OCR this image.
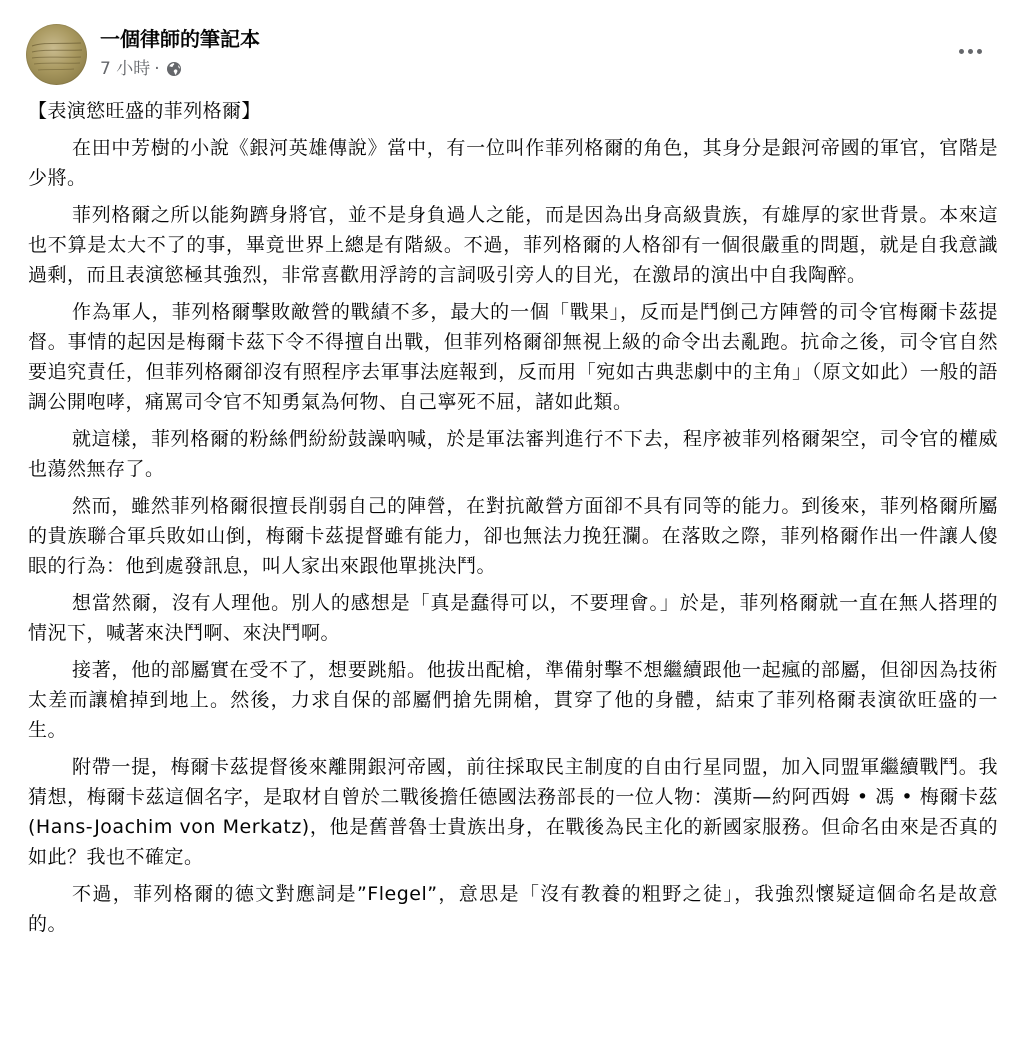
一個律師的筆記本
7 小時 ·
【表演慾旺盛的菲列格爾】

在田中芳樹的小說《銀河英雄傳說》當中，有一位叫作菲列格爾的角色，其身分是銀河帝國的軍官，官階是少將。

菲列格爾之所以能夠躋身將官，並不是身負過人之能，而是因為出身高級貴族，有雄厚的家世背景。本來這也不算是太大不了的事，畢竟世界上總是有階級。不過，菲列格爾的人格卻有一個很嚴重的問題，就是自我意識過剩，而且表演慾極其強烈，非常喜歡用浮誇的言詞吸引旁人的目光，在激昂的演出中自我陶醉。

作為軍人，菲列格爾擊敗敵營的戰績不多，最大的一個「戰果」，反而是鬥倒己方陣營的司令官梅爾卡茲提督。事情的起因是梅爾卡茲下令不得擅自出戰，但菲列格爾卻無視上級的命令出去亂跑。抗命之後，司令官自然要追究責任，但菲列格爾卻沒有照程序去軍事法庭報到，反而用「宛如古典悲劇中的主角」（原文如此）一般的語調公開咆哮，痛罵司令官不知勇氣為何物、自己寧死不屈，諸如此類。

就這樣，菲列格爾的粉絲們紛紛鼓譟吶喊，於是軍法審判進行不下去，程序被菲列格爾架空，司令官的權威也蕩然無存了。

然而，雖然菲列格爾很擅長削弱自己的陣營，在對抗敵營方面卻不具有同等的能力。到後來，菲列格爾所屬的貴族聯合軍兵敗如山倒，梅爾卡茲提督雖有能力，卻也無法力挽狂瀾。在落敗之際，菲列格爾作出一件讓人傻眼的行為：他到處發訊息，叫人家出來跟他單挑決鬥。

想當然爾，沒有人理他。別人的感想是「真是蠢得可以，不要理會。」於是，菲列格爾就一直在無人搭理的情況下，喊著來決鬥啊、來決鬥啊。

接著，他的部屬實在受不了，想要跳船。他拔出配槍，準備射擊不想繼續跟他一起瘋的部屬，但卻因為技術太差而讓槍掉到地上。然後，力求自保的部屬們搶先開槍，貫穿了他的身體，結束了菲列格爾表演欲旺盛的一生。

附帶一提，梅爾卡茲提督後來離開銀河帝國，前往採取民主制度的自由行星同盟，加入同盟軍繼續戰鬥。我猜想，梅爾卡茲這個名字，是取材自曾於二戰後擔任德國法務部長的一位人物：漢斯—約阿西姆 • 馮 • 梅爾卡茲(Hans-Joachim von Merkatz)，他是舊普魯士貴族出身，在戰後為民主化的新國家服務。但命名由來是否真的如此？我也不確定。

不過，菲列格爾的德文對應詞是”Flegel”，意思是「沒有教養的粗野之徒」，我強烈懷疑這個命名是故意的。
